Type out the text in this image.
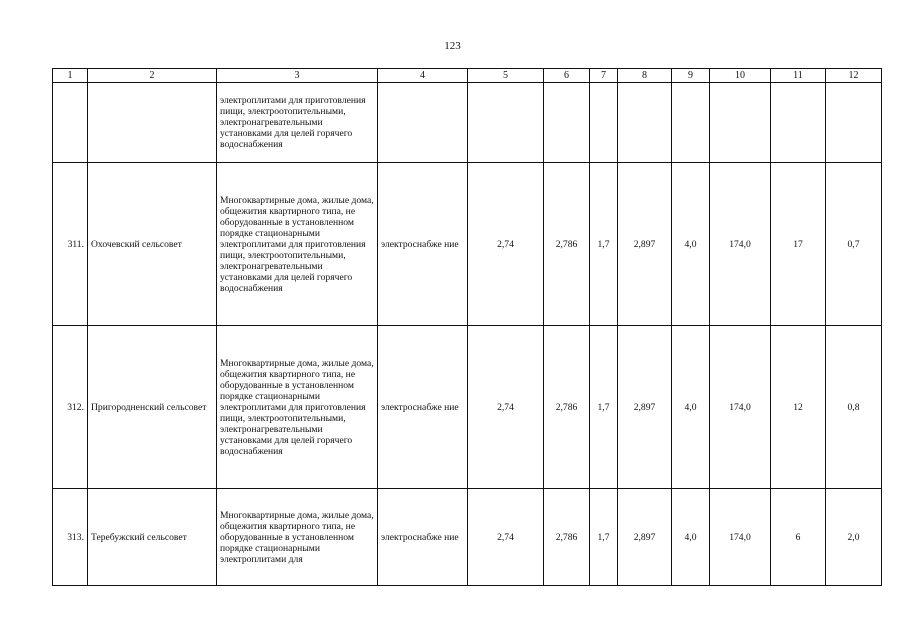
123
1	2	3	4	5	6	7	8	9	10	11	12
		электроплитами для приготовления пищи, электроотопительными, электронагревательными установками для целей горячего водоснабжения									
311.	Охочевский сельсовет	Многоквартирные дома, жилые дома, общежития квартирного типа, не оборудованные в установленном порядке стационарными электроплитами для приготовления пищи, электроотопительными, электронагревательными установками для целей горячего водоснабжения	электроснабже ние	2,74	2,786	1,7	2,897	4,0	174,0	17	0,7
312.	Пригородненский сельсовет	Многоквартирные дома, жилые дома, общежития квартирного типа, не оборудованные в установленном порядке стационарными электроплитами для приготовления пищи, электроотопительными, электронагревательными установками для целей горячего водоснабжения	электроснабже ние	2,74	2,786	1,7	2,897	4,0	174,0	12	0,8
313.	Теребужский сельсовет	Многоквартирные дома, жилые дома, общежития квартирного типа, не оборудованные в установленном порядке стационарными электроплитами для	электроснабже ние	2,74	2,786	1,7	2,897	4,0	174,0	6	2,0
